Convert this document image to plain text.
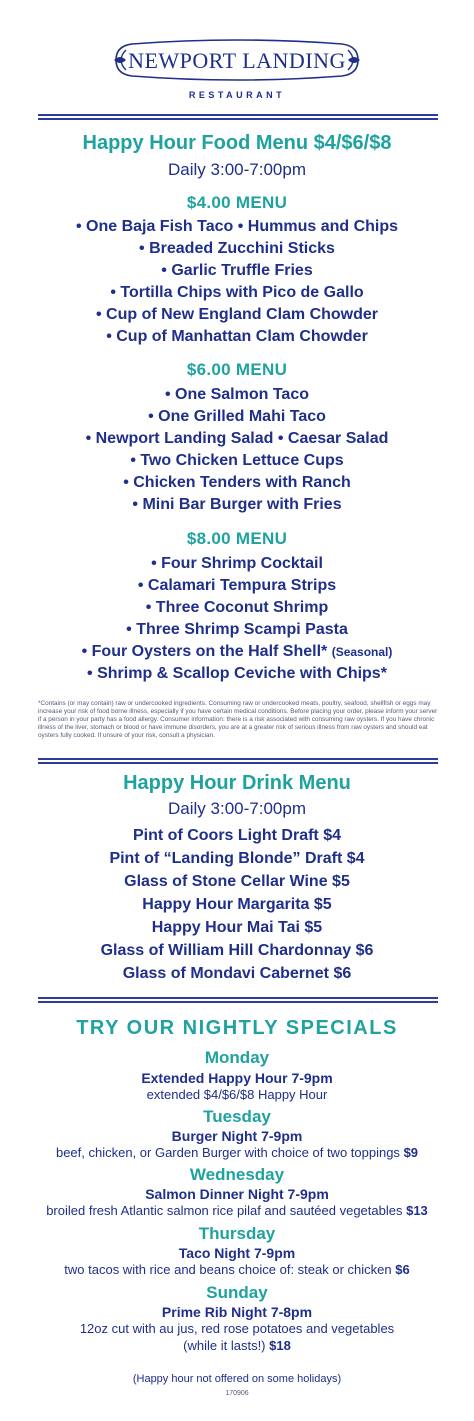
NEWPORT LANDING
RESTAURANT
Happy Hour Food Menu $4/$6/$8
Daily 3:00-7:00pm
$4.00 MENU
• One Baja Fish Taco • Hummus and Chips
• Breaded Zucchini Sticks
• Garlic Truffle Fries
• Tortilla Chips with Pico de Gallo
• Cup of New England Clam Chowder
• Cup of Manhattan Clam Chowder
$6.00 MENU
• One Salmon Taco
• One Grilled Mahi Taco
• Newport Landing Salad • Caesar Salad
• Two Chicken Lettuce Cups
• Chicken Tenders with Ranch
• Mini Bar Burger with Fries
$8.00 MENU
• Four Shrimp Cocktail
• Calamari Tempura Strips
• Three Coconut Shrimp
• Three Shrimp Scampi Pasta
• Four Oysters on the Half Shell* (Seasonal)
• Shrimp & Scallop Ceviche with Chips*
*Contains (or may contain) raw or undercooked ingredients. Consuming raw or undercooked meats, poultry, seafood, shellfish or eggs may increase your risk of food borne illness, especially if you have certain medical conditions. Before placing your order, please inform your server if a person in your party has a food allergy. Consumer information: there is a risk associated with consuming raw oysters. If you have chronic illness of the liver, stomach or blood or have immune disorders, you are at a greater risk of serious illness from raw oysters and should eat oysters fully cooked. If unsure of your risk, consult a physician.
Happy Hour Drink Menu
Daily 3:00-7:00pm
Pint of Coors Light Draft $4
Pint of “Landing Blonde” Draft $4
Glass of Stone Cellar Wine $5
Happy Hour Margarita $5
Happy Hour Mai Tai $5
Glass of William Hill Chardonnay $6
Glass of Mondavi Cabernet $6
TRY OUR NIGHTLY SPECIALS
Monday
Extended Happy Hour 7-9pm
extended $4/$6/$8 Happy Hour
Tuesday
Burger Night 7-9pm
beef, chicken, or Garden Burger with choice of two toppings $9
Wednesday
Salmon Dinner Night 7-9pm
broiled fresh Atlantic salmon rice pilaf and sautéed vegetables $13
Thursday
Taco Night 7-9pm
two tacos with rice and beans choice of: steak or chicken $6
Sunday
Prime Rib Night 7-8pm
12oz cut with au jus, red rose potatoes and vegetables
(while it lasts!) $18
(Happy hour not offered on some holidays)
170906
